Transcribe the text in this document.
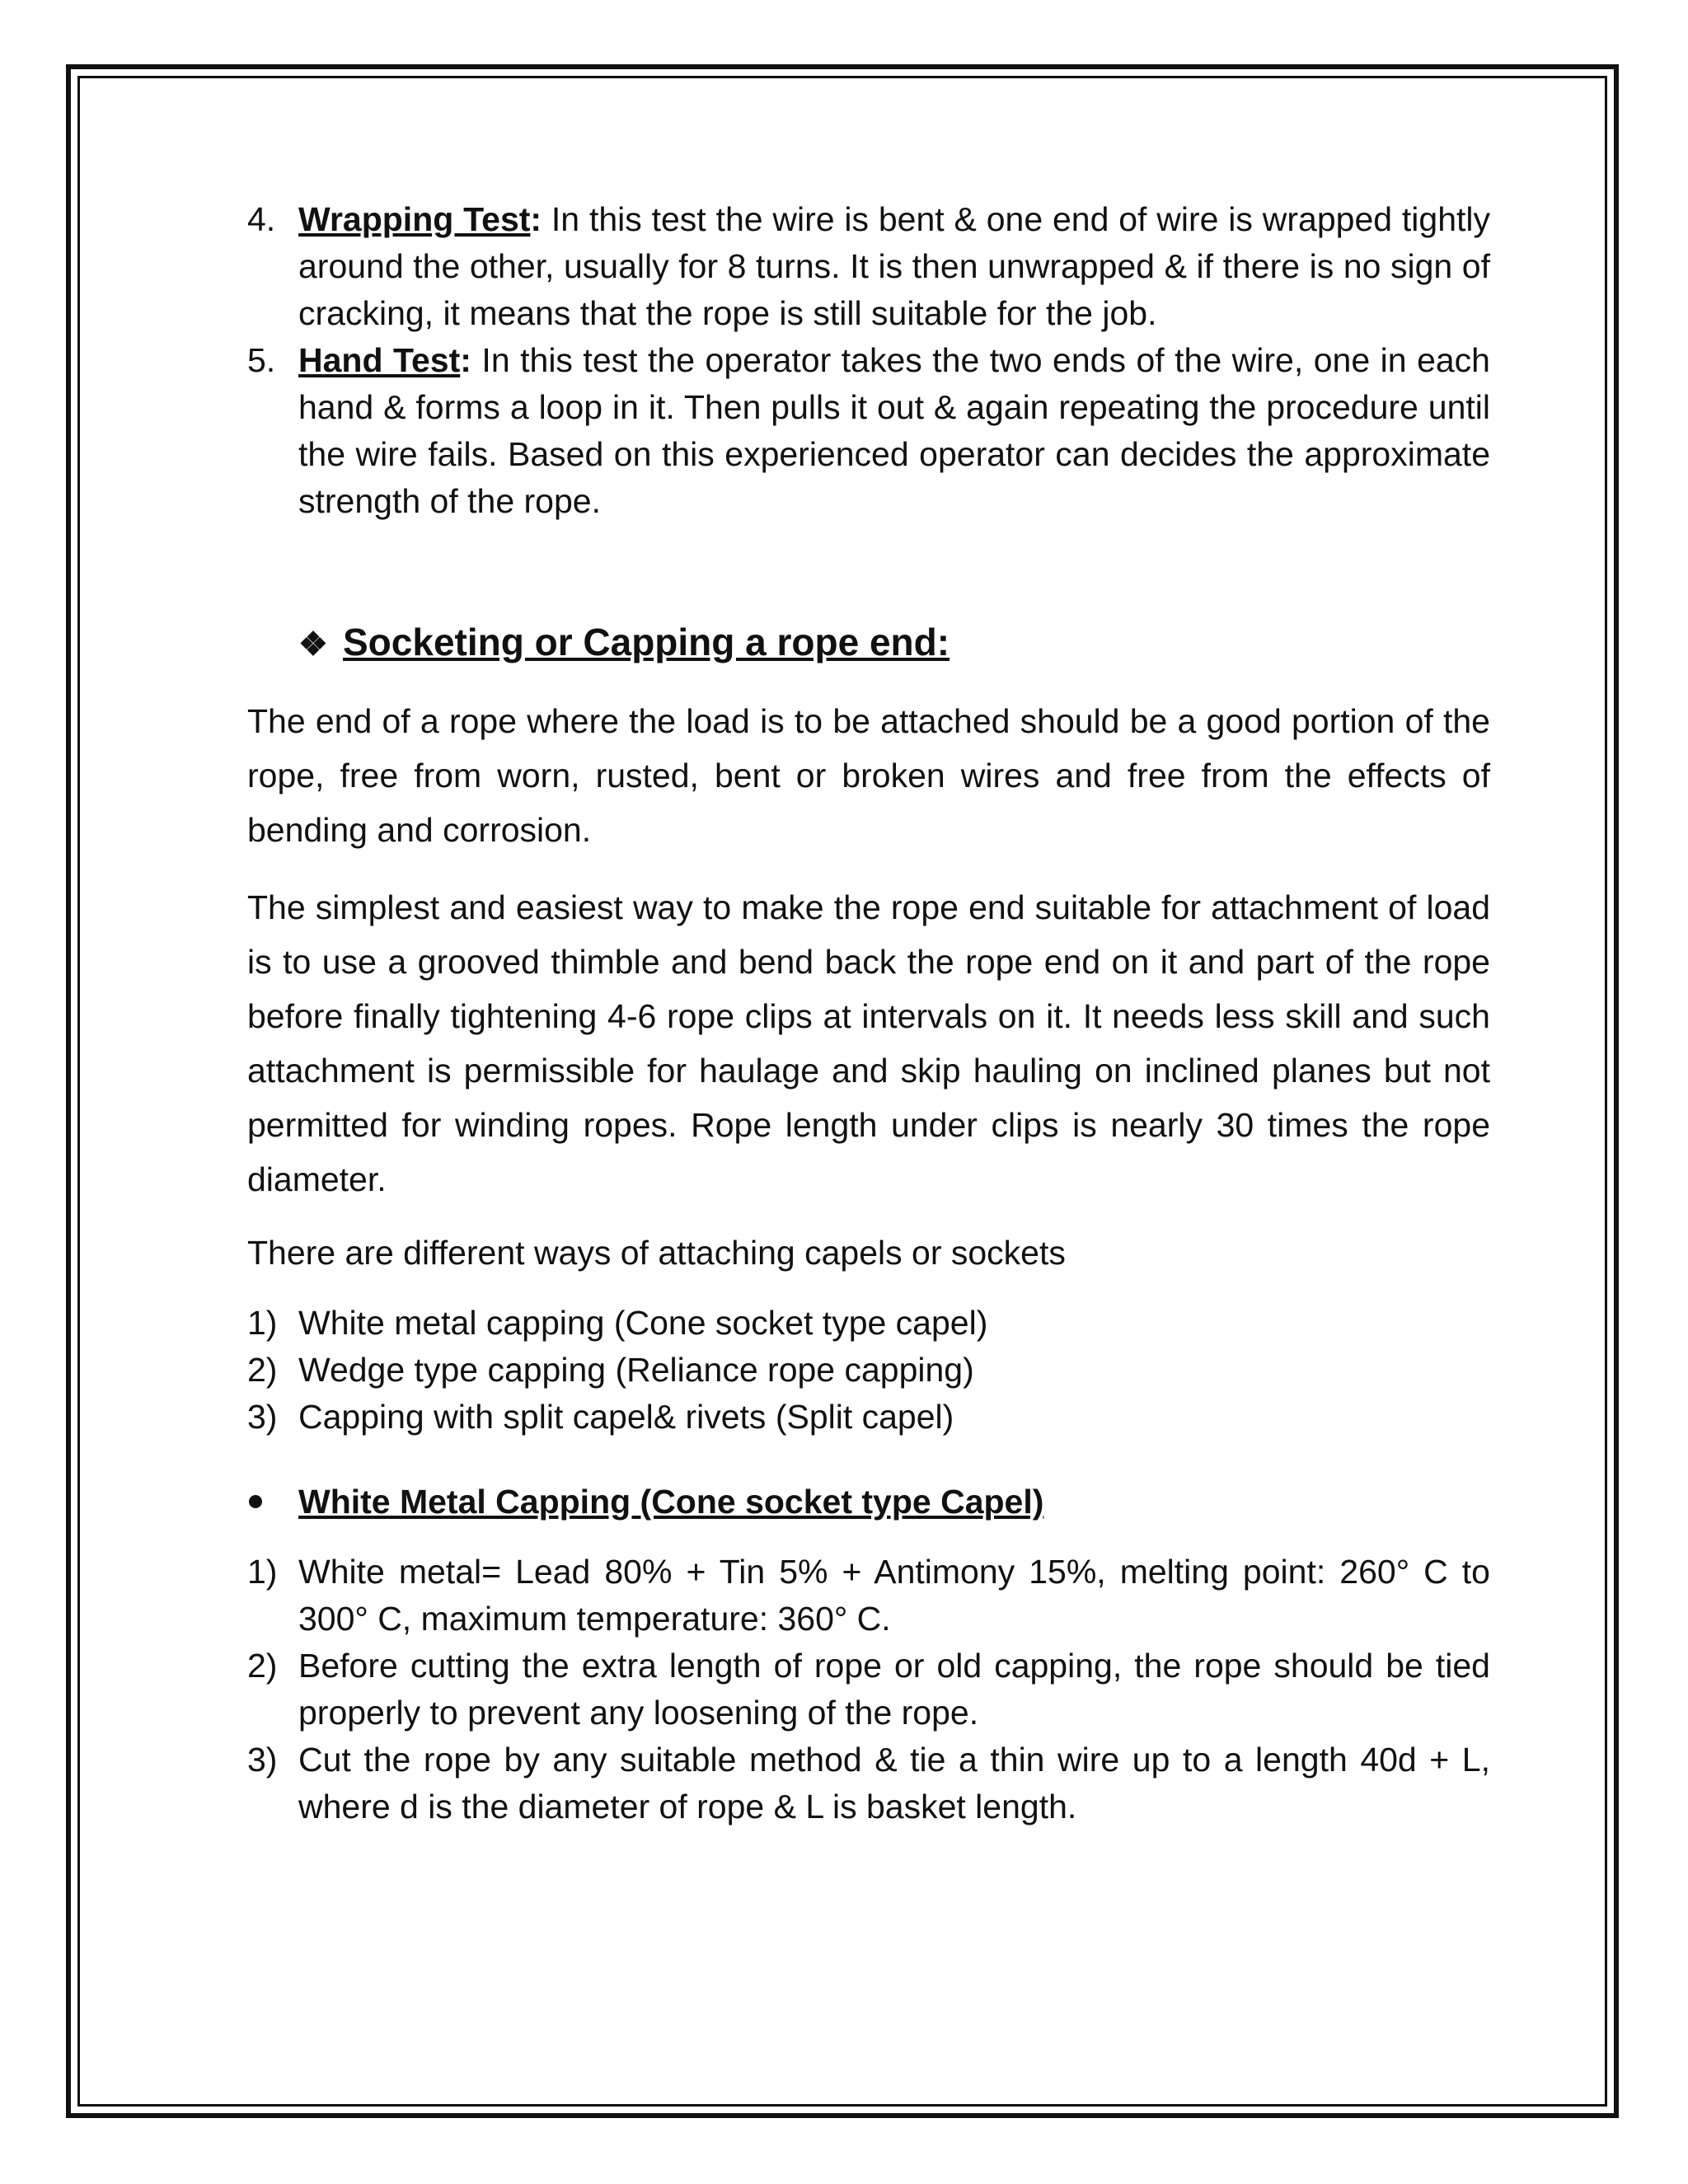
4. Wrapping Test: In this test the wire is bent & one end of wire is wrapped tightly around the other, usually for 8 turns. It is then unwrapped & if there is no sign of cracking, it means that the rope is still suitable for the job.
5. Hand Test: In this test the operator takes the two ends of the wire, one in each hand & forms a loop in it. Then pulls it out & again repeating the procedure until the wire fails. Based on this experienced operator can decides the approximate strength of the rope.
❖ Socketing or Capping a rope end:

The end of a rope where the load is to be attached should be a good portion of the rope, free from worn, rusted, bent or broken wires and free from the effects of bending and corrosion.

The simplest and easiest way to make the rope end suitable for attachment of load is to use a grooved thimble and bend back the rope end on it and part of the rope before finally tightening 4-6 rope clips at intervals on it. It needs less skill and such attachment is permissible for haulage and skip hauling on inclined planes but not permitted for winding ropes. Rope length under clips is nearly 30 times the rope diameter.

There are different ways of attaching capels or sockets

1) White metal capping (Cone socket type capel)
2) Wedge type capping (Reliance rope capping)
3) Capping with split capel& rivets (Split capel)
White Metal Capping (Cone socket type Capel)
1) White metal= Lead 80% + Tin 5% + Antimony 15%, melting point: 260° C to 300° C, maximum temperature: 360° C.
2) Before cutting the extra length of rope or old capping, the rope should be tied properly to prevent any loosening of the rope.
3) Cut the rope by any suitable method & tie a thin wire up to a length 40d + L, where d is the diameter of rope & L is basket length.
